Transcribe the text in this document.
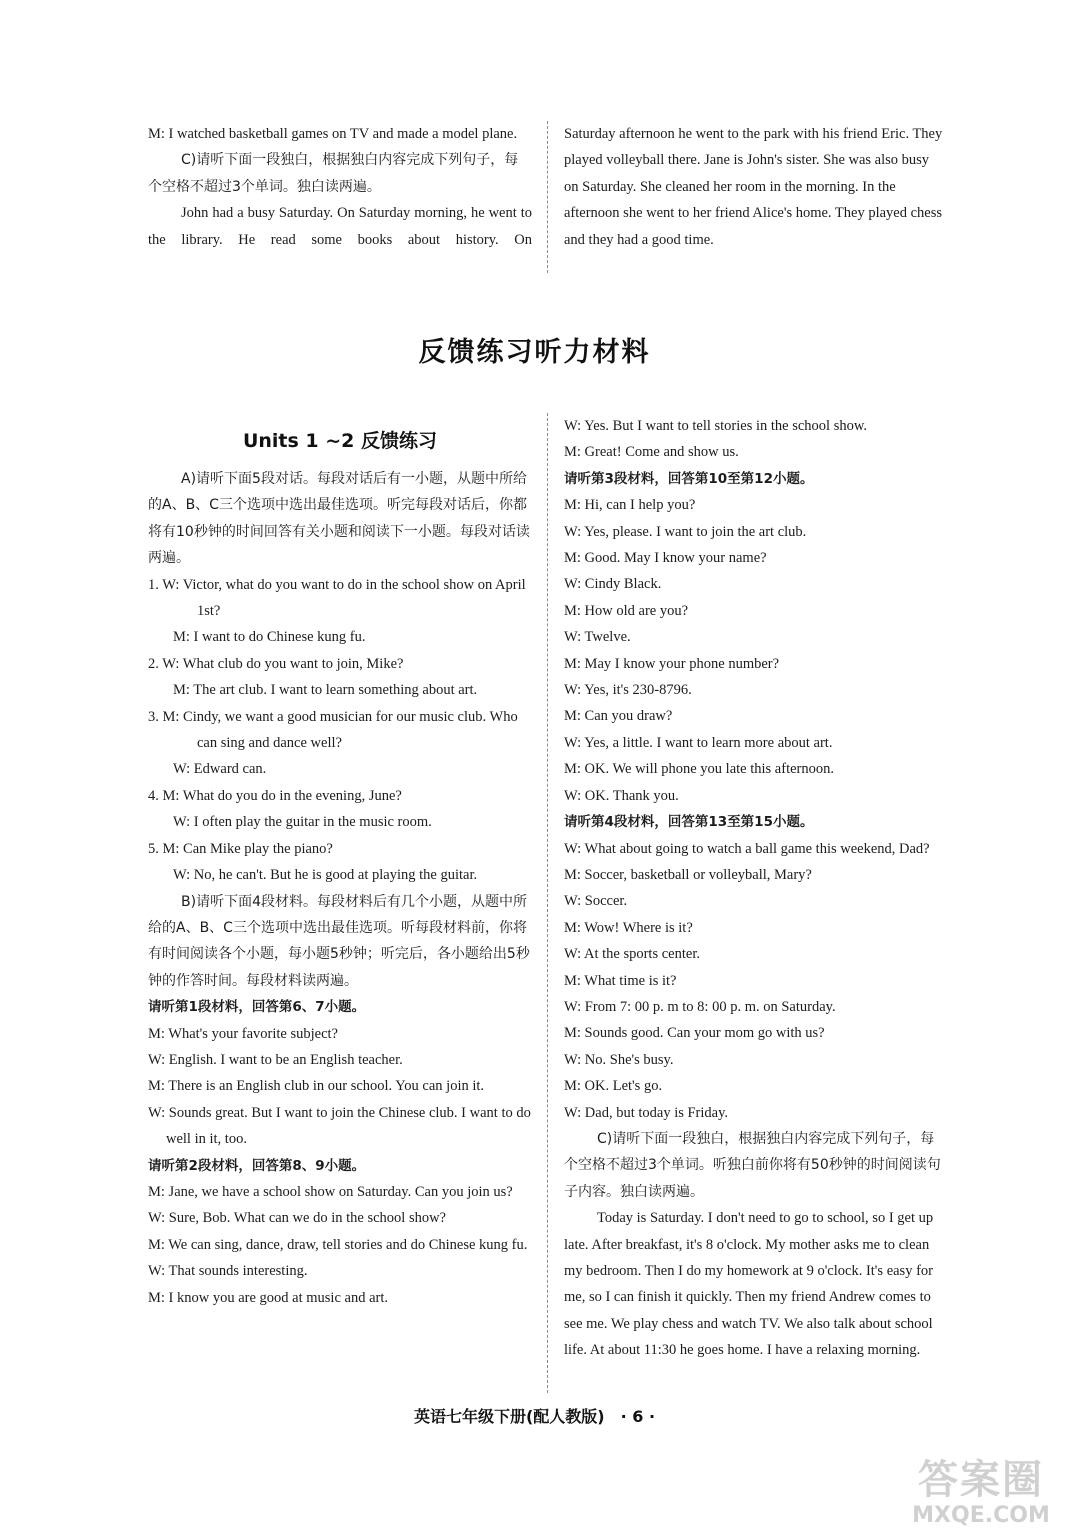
M: I watched basketball games on TV and made a model plane.

C)请听下面一段独白，根据独白内容完成下列句子，每个空格不超过3个单词。独白读两遍。

John had a busy Saturday. On Saturday morning, he went to the library. He read some books about history. On

Saturday afternoon he went to the park with his friend Eric. They played volleyball there. Jane is John's sister. She was also busy on Saturday. She cleaned her room in the morning. In the afternoon she went to her friend Alice's home. They played chess and they had a good time.

反馈练习听力材料
Units 1 ~2 反馈练习

A)请听下面5段对话。每段对话后有一小题，从题中所给的A、B、C三个选项中选出最佳选项。听完每段对话后，你都将有10秒钟的时间回答有关小题和阅读下一小题。每段对话读两遍。

1. W: Victor, what do you want to do in the school show on April 1st?

M: I want to do Chinese kung fu.

2. W: What club do you want to join, Mike?

M: The art club. I want to learn something about art.

3. M: Cindy, we want a good musician for our music club. Who can sing and dance well?

W: Edward can.

4. M: What do you do in the evening, June?

W: I often play the guitar in the music room.

5. M: Can Mike play the piano?

W: No, he can't. But he is good at playing the guitar.

B)请听下面4段材料。每段材料后有几个小题，从题中所给的A、B、C三个选项中选出最佳选项。听每段材料前，你将有时间阅读各个小题，每小题5秒钟；听完后，各小题给出5秒钟的作答时间。每段材料读两遍。

请听第1段材料，回答第6、7小题。

M: What's your favorite subject?

W: English. I want to be an English teacher.

M: There is an English club in our school. You can join it.

W: Sounds great. But I want to join the Chinese club. I want to do well in it, too.

请听第2段材料，回答第8、9小题。

M: Jane, we have a school show on Saturday. Can you join us?

W: Sure, Bob. What can we do in the school show?

M: We can sing, dance, draw, tell stories and do Chinese kung fu.

W: That sounds interesting.

M: I know you are good at music and art.

W: Yes. But I want to tell stories in the school show.

M: Great! Come and show us.

请听第3段材料，回答第10至第12小题。

M: Hi, can I help you?

W: Yes, please. I want to join the art club.

M: Good. May I know your name?

W: Cindy Black.

M: How old are you?

W: Twelve.

M: May I know your phone number?

W: Yes, it's 230-8796.

M: Can you draw?

W: Yes, a little. I want to learn more about art.

M: OK. We will phone you late this afternoon.

W: OK. Thank you.

请听第4段材料，回答第13至第15小题。

W: What about going to watch a ball game this weekend, Dad?

M: Soccer, basketball or volleyball, Mary?

W: Soccer.

M: Wow! Where is it?

W: At the sports center.

M: What time is it?

W: From 7: 00 p. m to 8: 00 p. m. on Saturday.

M: Sounds good. Can your mom go with us?

W: No. She's busy.

M: OK. Let's go.

W: Dad, but today is Friday.

C)请听下面一段独白，根据独白内容完成下列句子，每个空格不超过3个单词。听独白前你将有50秒钟的时间阅读句子内容。独白读两遍。

Today is Saturday. I don't need to go to school, so I get up late. After breakfast, it's 8 o'clock. My mother asks me to clean my bedroom. Then I do my homework at 9 o'clock. It's easy for me, so I can finish it quickly. Then my friend Andrew comes to see me. We play chess and watch TV. We also talk about school life. At about 11:30 he goes home. I have a relaxing morning.

英语七年级下册(配人教版)　· 6 ·
答案圈
MXQE.COM
